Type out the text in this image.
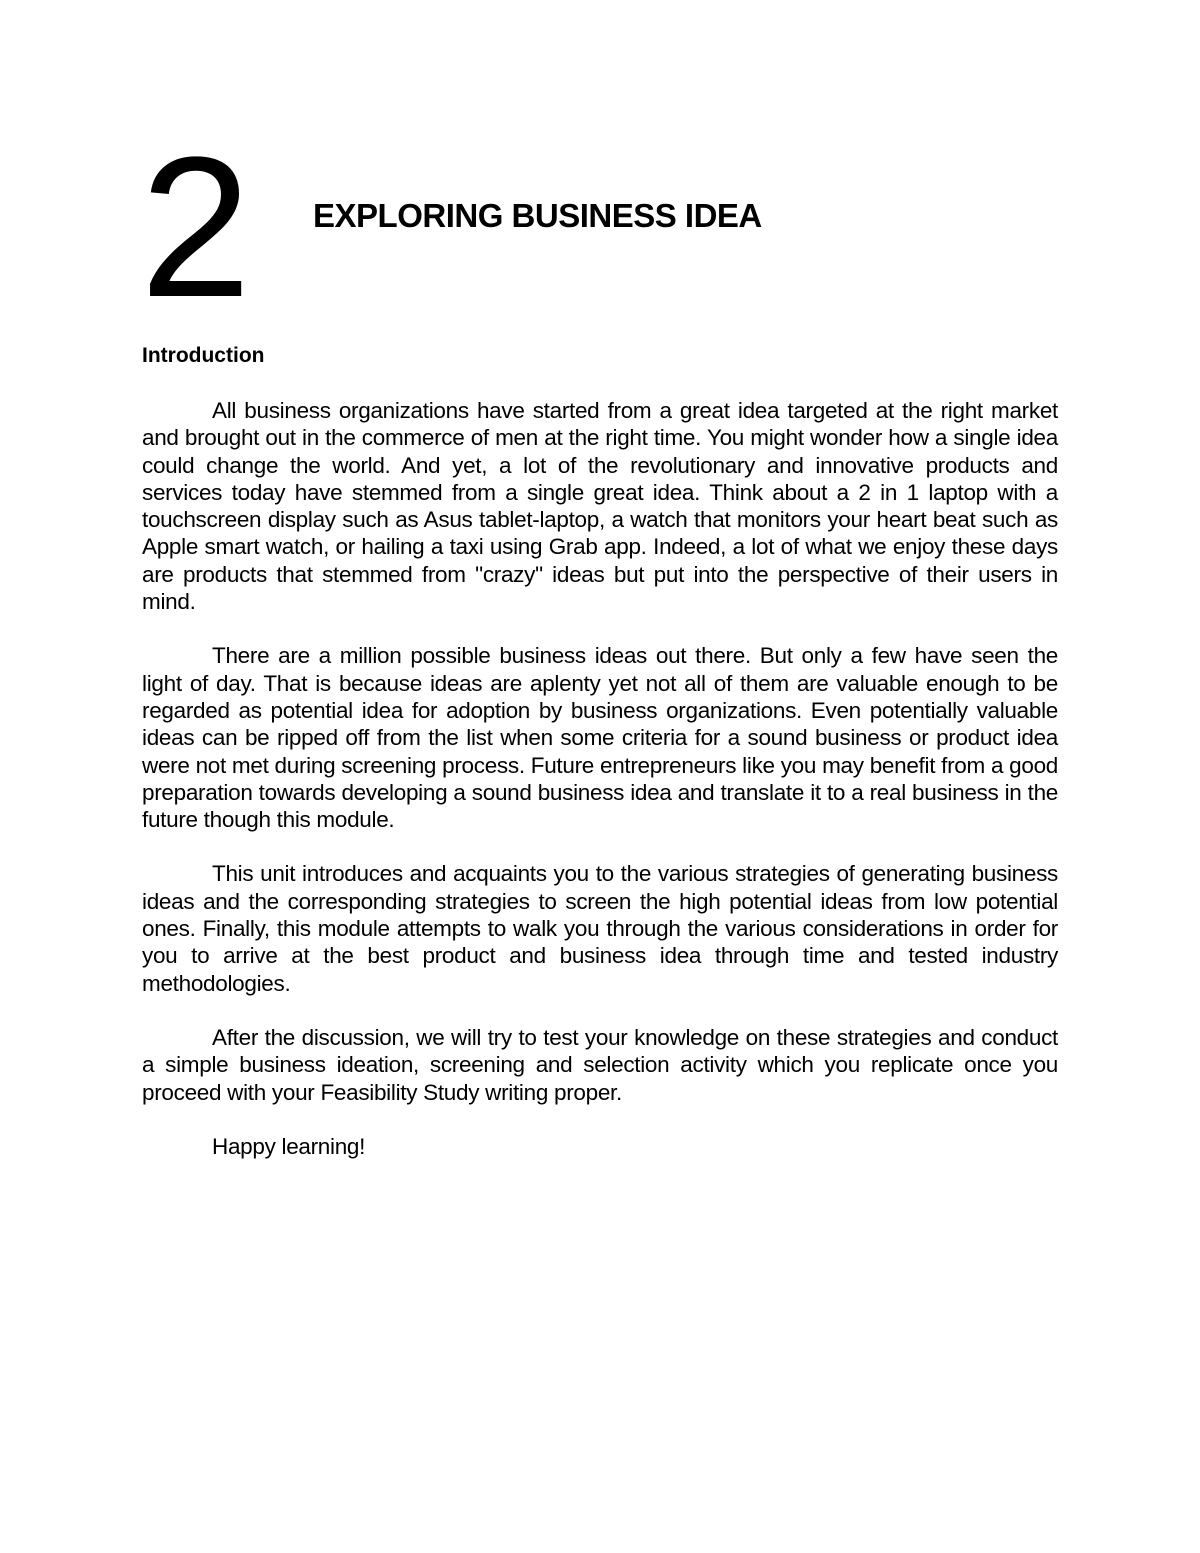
2 EXPLORING BUSINESS IDEA
Introduction

All business organizations have started from a great idea targeted at the right market and brought out in the commerce of men at the right time. You might wonder how a single idea could change the world. And yet, a lot of the revolutionary and innovative products and services today have stemmed from a single great idea. Think about a 2 in 1 laptop with a touchscreen display such as Asus tablet-laptop, a watch that monitors your heart beat such as Apple smart watch, or hailing a taxi using Grab app. Indeed, a lot of what we enjoy these days are products that stemmed from "crazy" ideas but put into the perspective of their users in mind.

There are a million possible business ideas out there. But only a few have seen the light of day. That is because ideas are aplenty yet not all of them are valuable enough to be regarded as potential idea for adoption by business organizations. Even potentially valuable ideas can be ripped off from the list when some criteria for a sound business or product idea were not met during screening process. Future entrepreneurs like you may benefit from a good preparation towards developing a sound business idea and translate it to a real business in the future though this module.

This unit introduces and acquaints you to the various strategies of generating business ideas and the corresponding strategies to screen the high potential ideas from low potential ones. Finally, this module attempts to walk you through the various considerations in order for you to arrive at the best product and business idea through time and tested industry methodologies.

After the discussion, we will try to test your knowledge on these strategies and conduct a simple business ideation, screening and selection activity which you replicate once you proceed with your Feasibility Study writing proper.

Happy learning!
